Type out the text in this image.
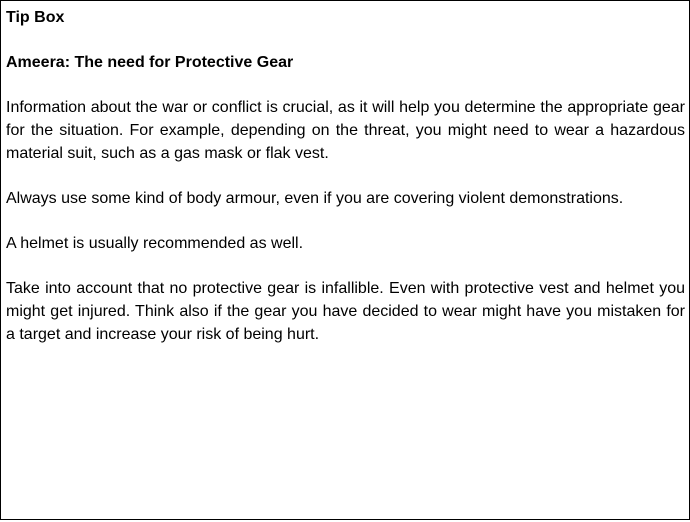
Tip Box
Ameera: The need for Protective Gear

Information about the war or conflict is crucial, as it will help you determine the appropriate gear for the situation. For example, depending on the threat, you might need to wear a hazardous material suit, such as a gas mask or flak vest.

Always use some kind of body armour, even if you are covering violent demonstrations.

A helmet is usually recommended as well.

Take into account that no protective gear is infallible. Even with protective vest and helmet you might get injured. Think also if the gear you have decided to wear might have you mistaken for a target and increase your risk of being hurt.
